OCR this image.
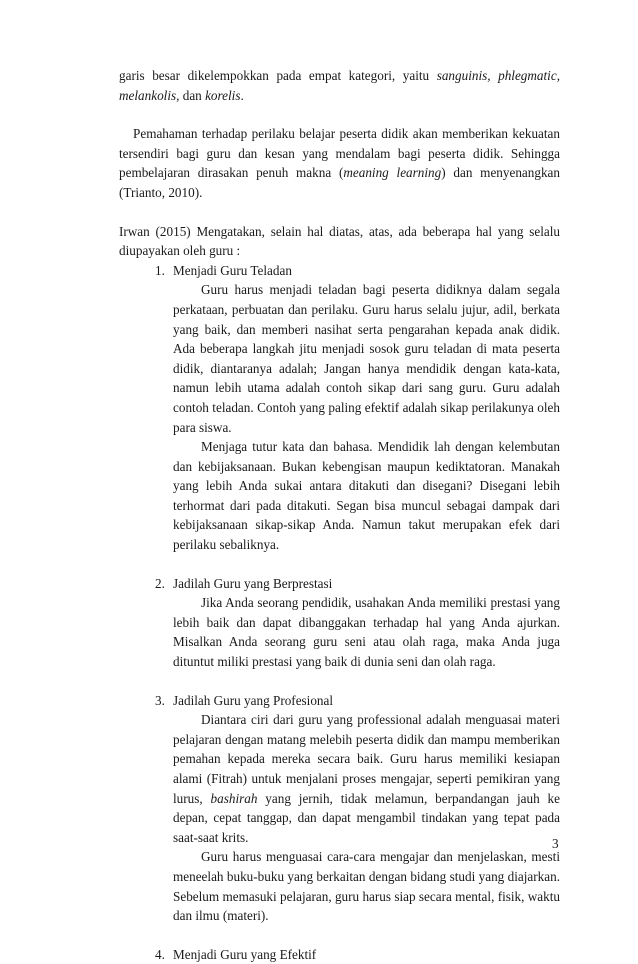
garis besar dikelempokkan pada empat kategori, yaitu sanguinis, phlegmatic, melankolis, dan korelis.

Pemahaman terhadap perilaku belajar peserta didik akan memberikan kekuatan tersendiri bagi guru dan kesan yang mendalam bagi peserta didik. Sehingga pembelajaran dirasakan penuh makna (meaning learning) dan menyenangkan (Trianto, 2010).

Irwan (2015) Mengatakan, selain hal diatas, atas, ada beberapa hal yang selalu diupayakan oleh guru :

1. Menjadi Guru Teladan

Guru harus menjadi teladan bagi peserta didiknya dalam segala perkataan, perbuatan dan perilaku. Guru harus selalu jujur, adil, berkata yang baik, dan memberi nasihat serta pengarahan kepada anak didik. Ada beberapa langkah jitu menjadi sosok guru teladan di mata peserta didik, diantaranya adalah; Jangan hanya mendidik dengan kata-kata, namun lebih utama adalah contoh sikap dari sang guru. Guru adalah contoh teladan. Contoh yang paling efektif adalah sikap perilakunya oleh para siswa.

Menjaga tutur kata dan bahasa. Mendidik lah dengan kelembutan dan kebijaksanaan. Bukan kebengisan maupun kediktatoran. Manakah yang lebih Anda sukai antara ditakuti dan disegani? Disegani lebih terhormat dari pada ditakuti. Segan bisa muncul sebagai dampak dari kebijaksanaan sikap-sikap Anda. Namun takut merupakan efek dari perilaku sebaliknya.

2. Jadilah Guru yang Berprestasi

Jika Anda seorang pendidik, usahakan Anda memiliki prestasi yang lebih baik dan dapat dibanggakan terhadap hal yang Anda ajurkan. Misalkan Anda seorang guru seni atau olah raga, maka Anda juga dituntut miliki prestasi yang baik di dunia seni dan olah raga.

3. Jadilah Guru yang Profesional

Diantara ciri dari guru yang professional adalah menguasai materi pelajaran dengan matang melebih peserta didik dan mampu memberikan pemahan kepada mereka secara baik. Guru harus memiliki kesiapan alami (Fitrah) untuk menjalani proses mengajar, seperti pemikiran yang lurus, bashirah yang jernih, tidak melamun, berpandangan jauh ke depan, cepat tanggap, dan dapat mengambil tindakan yang tepat pada saat-saat krits.

Guru harus menguasai cara-cara mengajar dan menjelaskan, mesti meneelah buku-buku yang berkaitan dengan bidang studi yang diajarkan. Sebelum memasuki pelajaran, guru harus siap secara mental, fisik, waktu dan ilmu (materi).

4. Menjadi Guru yang Efektif

3
